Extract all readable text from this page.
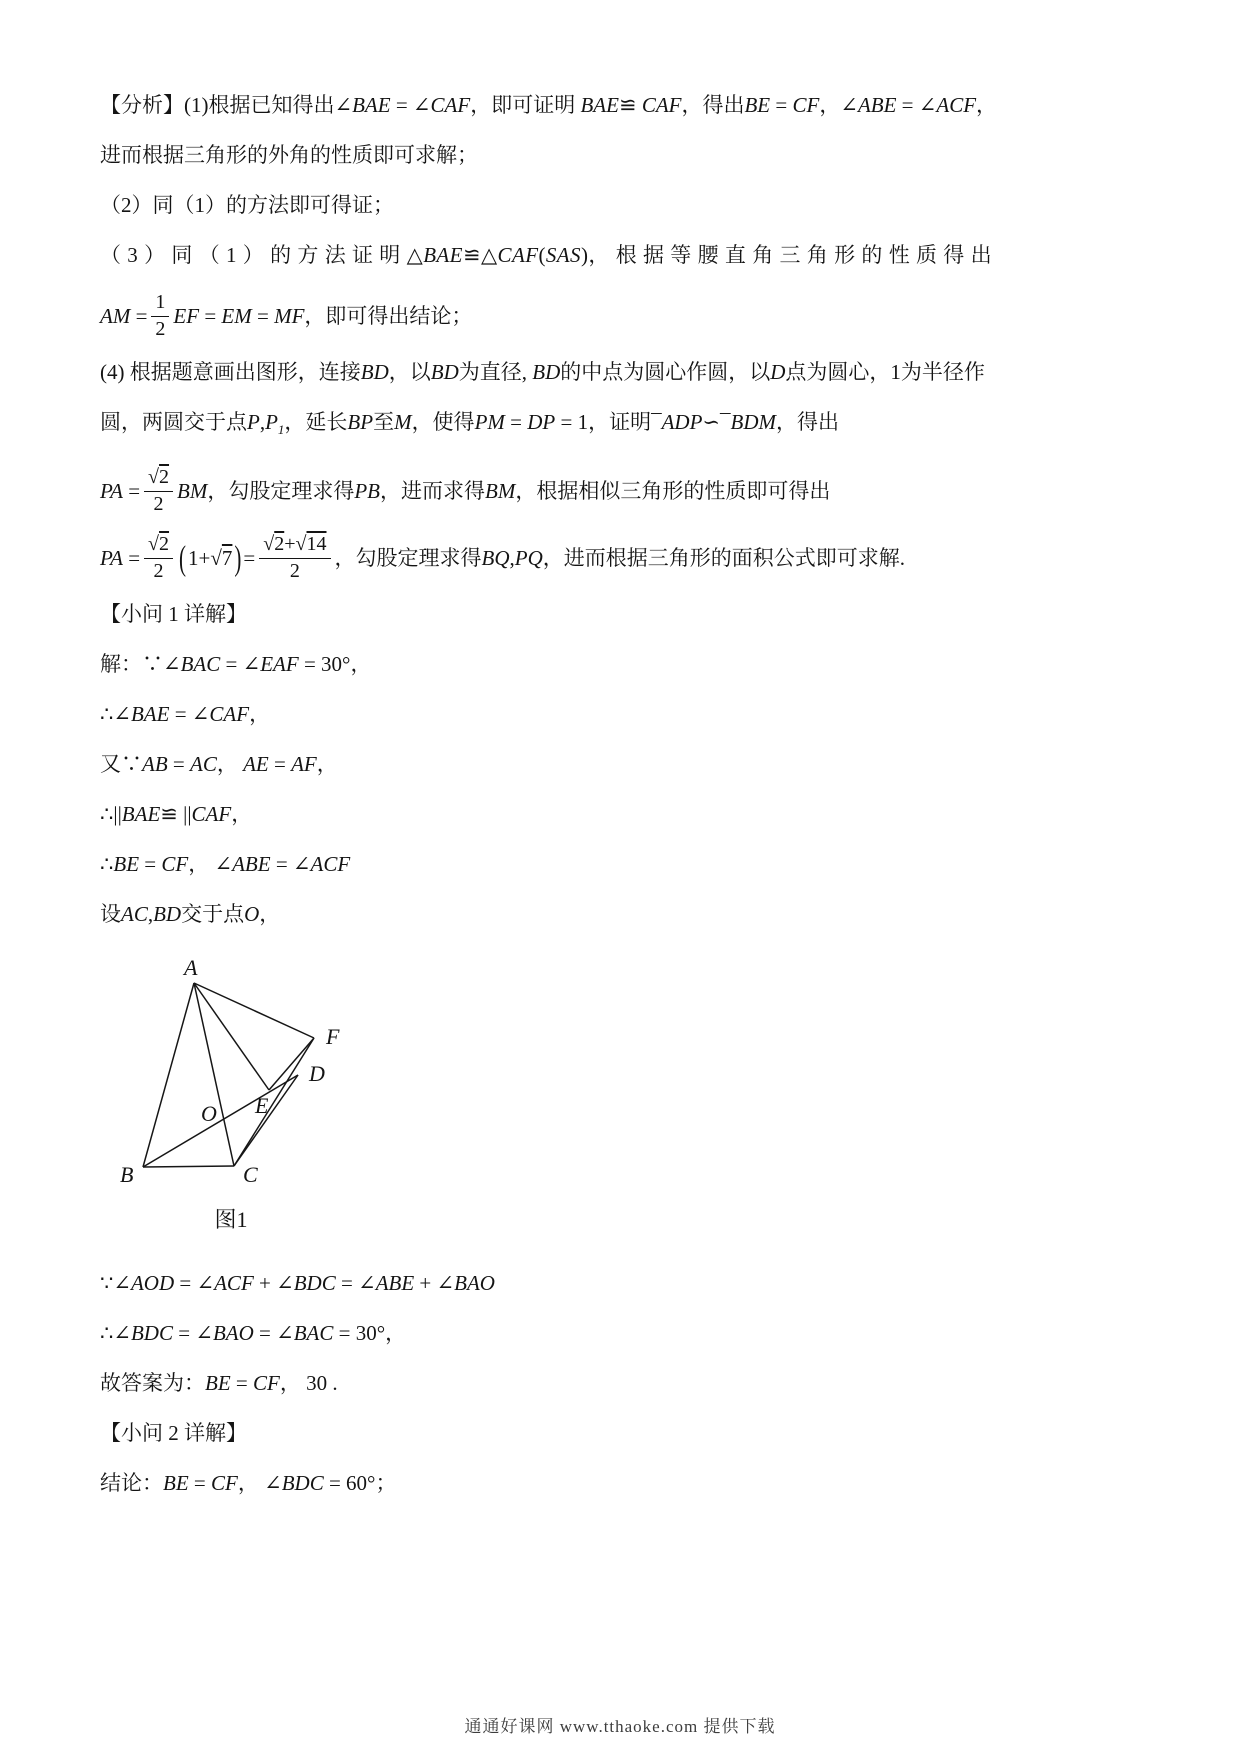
【分析】(1)根据已知得出∠BAE = ∠CAF，即可证明 BAE≌ CAF，得出BE = CF，∠ABE = ∠ACF，
进而根据三角形的外角的性质即可求解；
（2）同（1）的方法即可得证；
（3）同（1）的方法证明△BAE≌△CAF(SAS)，根据等腰直角三角形的性质得出
AM = $\frac{1}{2}$ EF = EM = MF ，即可得出结论；
(4) 根据题意画出图形，连接BD，以BD为直径, BD的中点为圆心作圆，以D点为圆心，1为半径作
圆，两圆交于点$P,P_1$，延长BP至M，使得PM = DP = 1，证明¯ADP∽¯BDM，得出
PA = $\frac{√2}{2}$ BM ，勾股定理求得 PB ，进而求得 BM ，根据相似三角形的性质即可得出
PA = $\frac{√2}{2} (1+√7) = \frac{√2+√14}{2}$ ，勾股定理求得 BQ,PQ ，进而根据三角形的面积公式即可求解.
【小问 1 详解】
解：∵∠BAC = ∠EAF = 30°，
∴∠BAE = ∠CAF，
又∵AB = AC， AE = AF，
∴||BAE≌ ||CAF，
∴BE = CF， ∠ABE = ∠ACF
设AC,BD交于点O，
A
B	C
F
D
E
O
图1
∵∠AOD = ∠ACF + ∠BDC = ∠ABE + ∠BAO
∴∠BDC = ∠BAO = ∠BAC = 30°，
故答案为：BE = CF， 30 .
【小问 2 详解】
结论：BE = CF， ∠BDC = 60°；
通通好课网 www.tthaoke.com 提供下载
